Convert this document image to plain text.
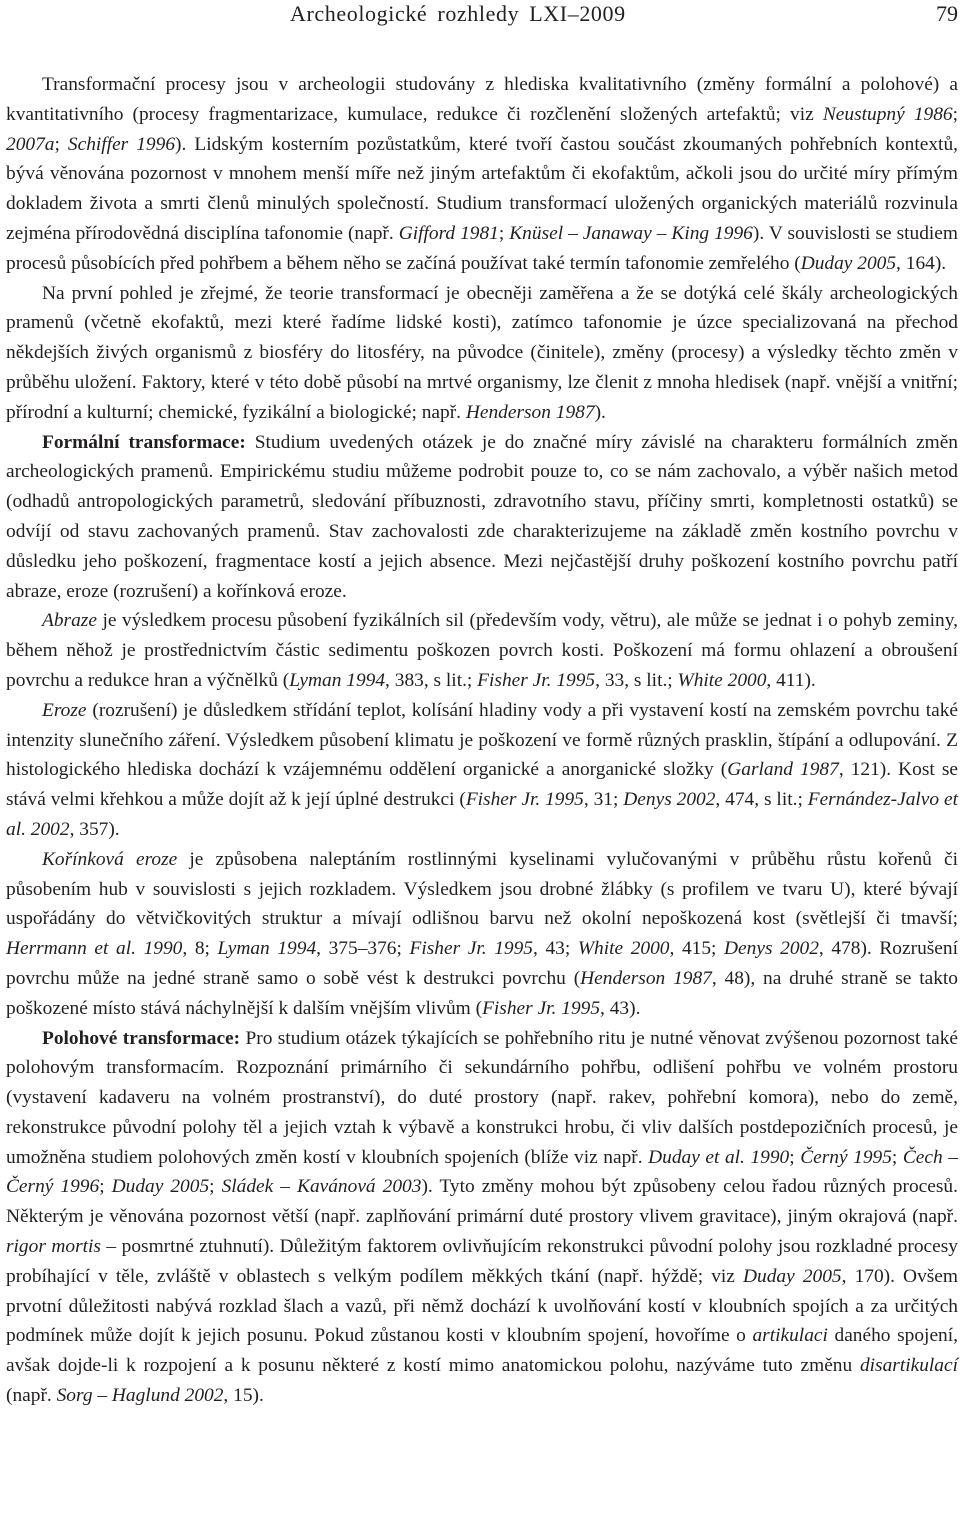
Archeologické rozhledy LXI–2009	79

Transformační procesy jsou v archeologii studovány z hlediska kvalitativního (změny formální a polohové) a kvantitativního (procesy fragmentarizace, kumulace, redukce či rozčlenění složených artefaktů; viz Neustupný 1986; 2007a; Schiffer 1996). Lidským kosterním pozůstatkům, které tvoří častou součást zkoumaných pohřebních kontextů, bývá věnována pozornost v mnohem menší míře než jiným artefaktům či ekofaktům, ačkoli jsou do určité míry přímým dokladem života a smrti členů minulých společností. Studium transformací uložených organických materiálů rozvinula zejména přírodovědná disciplína tafonomie (např. Gifford 1981; Knüsel – Janaway – King 1996). V souvislosti se studiem procesů působících před pohřbem a během něho se začíná používat také termín tafonomie zemřelého (Duday 2005, 164).

Na první pohled je zřejmé, že teorie transformací je obecněji zaměřena a že se dotýká celé škály archeologických pramenů (včetně ekofaktů, mezi které řadíme lidské kosti), zatímco tafonomie je úzce specializovaná na přechod někdejších živých organismů z biosféry do litosféry, na původce (činitele), změny (procesy) a výsledky těchto změn v průběhu uložení. Faktory, které v této době působí na mrtvé organismy, lze členit z mnoha hledisek (např. vnější a vnitřní; přírodní a kulturní; chemické, fyzikální a biologické; např. Henderson 1987).

Formální transformace: Studium uvedených otázek je do značné míry závislé na charakteru formálních změn archeologických pramenů. Empirickému studiu můžeme podrobit pouze to, co se nám zachovalo, a výběr našich metod (odhadů antropologických parametrů, sledování příbuznosti, zdravotního stavu, příčiny smrti, kompletnosti ostatků) se odvíjí od stavu zachovaných pramenů. Stav zachovalosti zde charakterizujeme na základě změn kostního povrchu v důsledku jeho poškození, fragmentace kostí a jejich absence. Mezi nejčastější druhy poškození kostního povrchu patří abraze, eroze (rozrušení) a kořínková eroze.

Abraze je výsledkem procesu působení fyzikálních sil (především vody, větru), ale může se jednat i o pohyb zeminy, během něhož je prostřednictvím částic sedimentu poškozen povrch kosti. Poškození má formu ohlazení a obroušení povrchu a redukce hran a výčnělků (Lyman 1994, 383, s lit.; Fisher Jr. 1995, 33, s lit.; White 2000, 411).

Eroze (rozrušení) je důsledkem střídání teplot, kolísání hladiny vody a při vystavení kostí na zemském povrchu také intenzity slunečního záření. Výsledkem působení klimatu je poškození ve formě různých prasklin, štípání a odlupování. Z histologického hlediska dochází k vzájemnému oddělení organické a anorganické složky (Garland 1987, 121). Kost se stává velmi křehkou a může dojít až k její úplné destrukci (Fisher Jr. 1995, 31; Denys 2002, 474, s lit.; Fernández-Jalvo et al. 2002, 357).

Kořínková eroze je způsobena naleptáním rostlinnými kyselinami vylučovanými v průběhu růstu kořenů či působením hub v souvislosti s jejich rozkladem. Výsledkem jsou drobné žlábky (s profilem ve tvaru U), které bývají uspořádány do větvičkovitých struktur a mívají odlišnou barvu než okolní nepoškozená kost (světlejší či tmavší; Herrmann et al. 1990, 8; Lyman 1994, 375–376; Fisher Jr. 1995, 43; White 2000, 415; Denys 2002, 478). Rozrušení povrchu může na jedné straně samo o sobě vést k destrukci povrchu (Henderson 1987, 48), na druhé straně se takto poškozené místo stává náchylnější k dalším vnějším vlivům (Fisher Jr. 1995, 43).

Polohové transformace: Pro studium otázek týkajících se pohřebního ritu je nutné věnovat zvýšenou pozornost také polohovým transformacím. Rozpoznání primárního či sekundárního pohřbu, odlišení pohřbu ve volném prostoru (vystavení kadaveru na volném prostranství), do duté prostory (např. rakev, pohřební komora), nebo do země, rekonstrukce původní polohy těl a jejich vztah k výbavě a konstrukci hrobu, či vliv dalších postdepozičních procesů, je umožněna studiem polohových změn kostí v kloubních spojeních (blíže viz např. Duday et al. 1990; Černý 1995; Čech – Černý 1996; Duday 2005; Sládek – Kavánová 2003). Tyto změny mohou být způsobeny celou řadou různých procesů. Některým je věnována pozornost větší (např. zaplňování primární duté prostory vlivem gravitace), jiným okrajová (např. rigor mortis – posmrtné ztuhnutí). Důležitým faktorem ovlivňujícím rekonstrukci původní polohy jsou rozkladné procesy probíhající v těle, zvláště v oblastech s velkým podílem měkkých tkání (např. hýždě; viz Duday 2005, 170). Ovšem prvotní důležitosti nabývá rozklad šlach a vazů, při němž dochází k uvolňování kostí v kloubních spojích a za určitých podmínek může dojít k jejich posunu. Pokud zůstanou kosti v kloubním spojení, hovoříme o artikulaci daného spojení, avšak dojde-li k rozpojení a k posunu některé z kostí mimo anatomickou polohu, nazýváme tuto změnu disartikulací (např. Sorg – Haglund 2002, 15).
